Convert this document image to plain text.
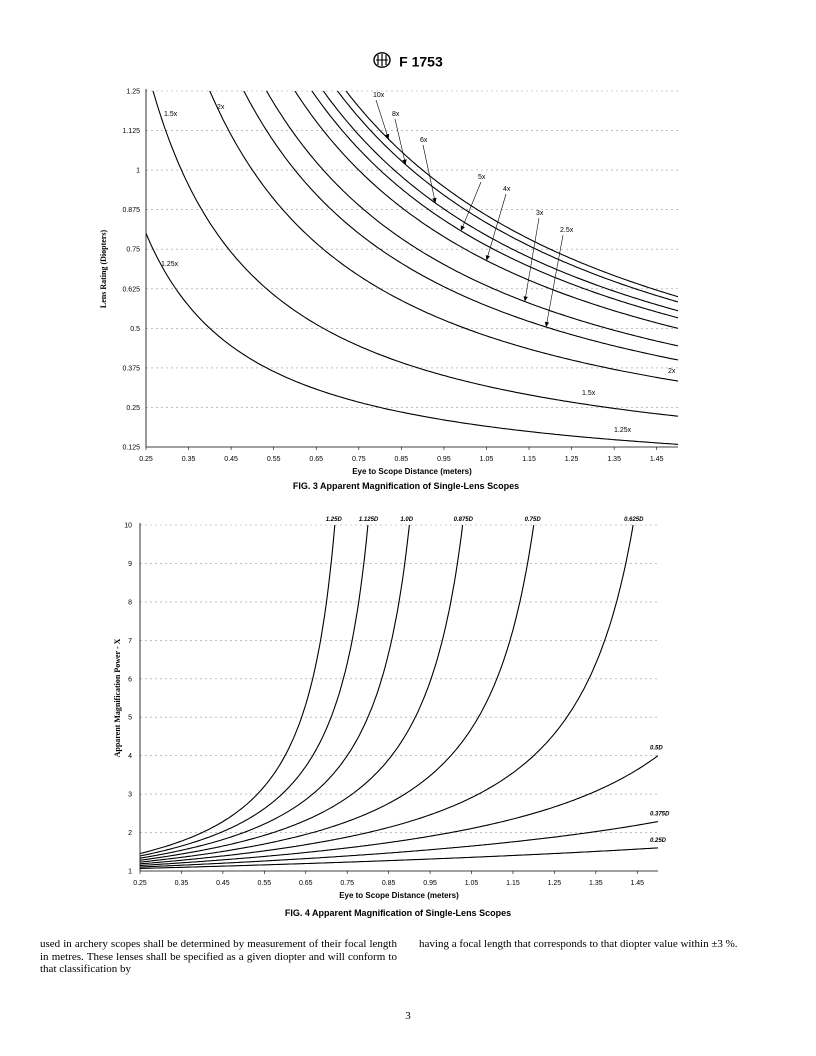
F 1753
0.125
0.25
0.375
0.5
0.625
0.75
0.875
1
1.125
1.25
0.25	0.35	0.45	0.55	0.65	0.75	0.85	0.95	1.05	1.15	1.25	1.35	1.45
1.5x
2x
1.25x
2x
1.5x
1.25x
10x
8x
6x
5x
4x
3x
2.5x
Eye to Scope Distance (meters)
Lens Rating (Diopters)
FIG. 3 Apparent Magnification of Single-Lens Scopes
1
2
3
4
5
6
7
8
9
10
0.25	0.35	0.45	0.55	0.65	0.75	0.85	0.95	1.05	1.15	1.25	1.35	1.45
1.25D	1.125D	1.0D	0.875D	0.75D	0.625D
0.5D
0.375D
0.25D
Eye to Scope Distance (meters)
Apparent Magnification Power - X
FIG. 4 Apparent Magnification of Single-Lens Scopes
used in archery scopes shall be determined by measurement of their focal length in metres. These lenses shall be specified as a given diopter and will conform to that classification by
having a focal length that corresponds to that diopter value within ±3 %.
3
